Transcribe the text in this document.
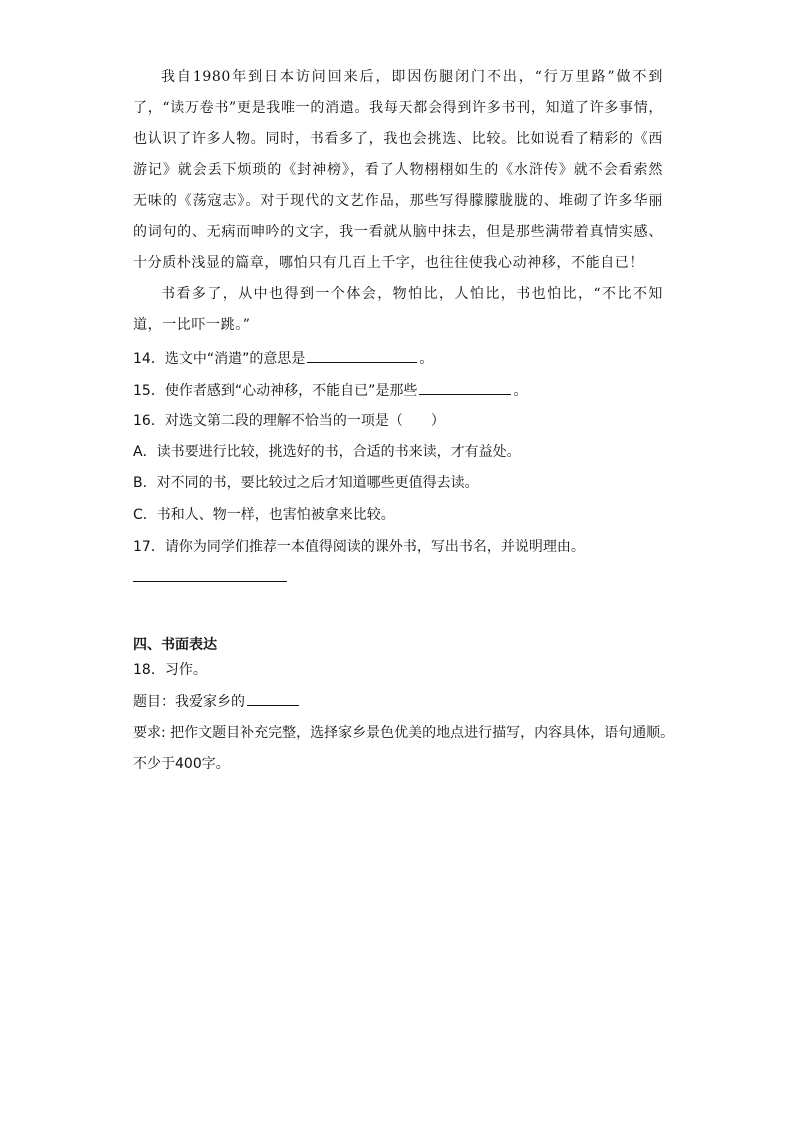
我自1980年到日本访问回来后，即因伤腿闭门不出，“行万里路”做不到了，“读万卷书”更是我唯一的消遣。我每天都会得到许多书刊，知道了许多事情，也认识了许多人物。同时，书看多了，我也会挑选、比较。比如说看了精彩的《西游记》就会丢下烦琐的《封神榜》，看了人物栩栩如生的《水浒传》就不会看索然无味的《荡寇志》。对于现代的文艺作品，那些写得朦朦胧胧的、堆砌了许多华丽的词句的、无病而呻吟的文字，我一看就从脑中抹去，但是那些满带着真情实感、十分质朴浅显的篇章，哪怕只有几百上千字，也往往使我心动神移，不能自已！

书看多了，从中也得到一个体会，物怕比，人怕比，书也怕比，“不比不知道，一比吓一跳。”

14．选文中“消遣”的意思是	。
15．使作者感到“心动神移，不能自已”是那些	。
16．对选文第二段的理解不恰当的一项是（　　）
A．读书要进行比较，挑选好的书，合适的书来读，才有益处。
B．对不同的书，要比较过之后才知道哪些更值得去读。
C．书和人、物一样，也害怕被拿来比较。
17．请你为同学们推荐一本值得阅读的课外书，写出书名，并说明理由。
四、书面表达
18．习作。
题目：我爱家乡的
要求: 把作文题目补充完整，选择家乡景色优美的地点进行描写，内容具体，语句通顺。
不少于400字。
